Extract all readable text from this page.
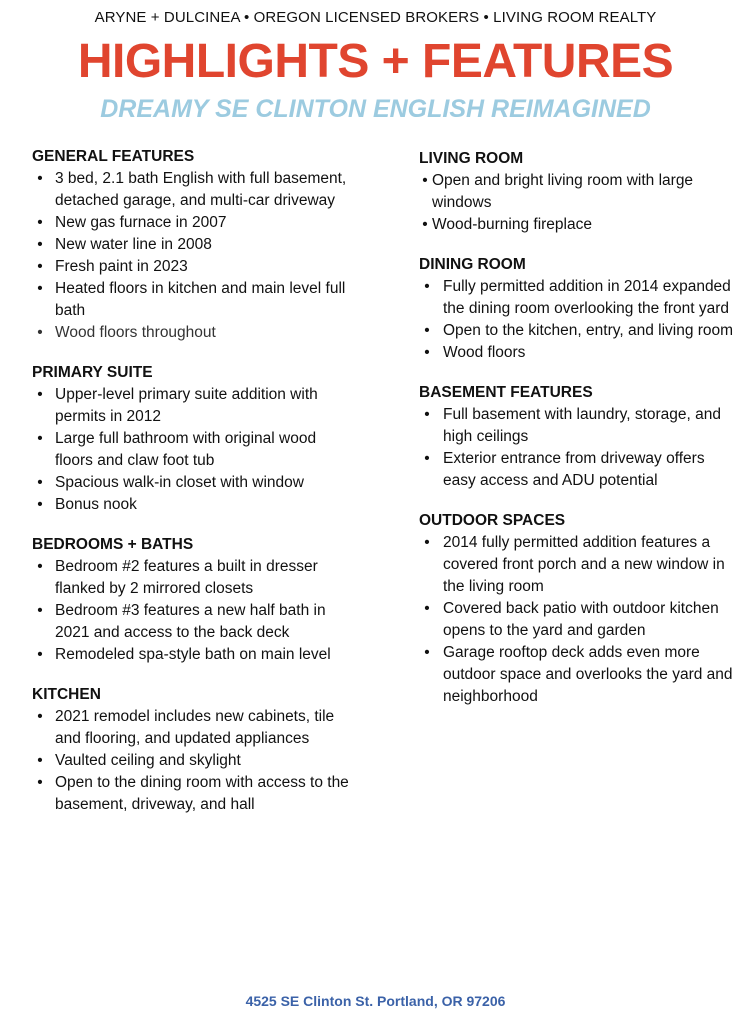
ARYNE + DULCINEA • OREGON LICENSED BROKERS • LIVING ROOM REALTY
HIGHLIGHTS + FEATURES
DREAMY SE CLINTON ENGLISH REIMAGINED
GENERAL FEATURES
• 3 bed, 2.1 bath English with full basement, detached garage, and multi-car driveway
• New gas furnace in 2007
• New water line in 2008
• Fresh paint in 2023
• Heated floors in kitchen and main level full bath
• Wood floors throughout
PRIMARY SUITE
• Upper-level primary suite addition with permits in 2012
• Large full bathroom with original wood floors and claw foot tub
• Spacious walk-in closet with window
• Bonus nook
BEDROOMS + BATHS
• Bedroom #2 features a built in dresser flanked by 2 mirrored closets
• Bedroom #3 features a new half bath in 2021 and access to the back deck
• Remodeled spa-style bath on main level
KITCHEN
• 2021 remodel includes new cabinets, tile and flooring, and updated appliances
• Vaulted ceiling and skylight
• Open to the dining room with access to the basement, driveway, and hall
LIVING ROOM
• Open and bright living room with large windows
• Wood-burning fireplace
DINING ROOM
• Fully permitted addition in 2014 expanded the dining room overlooking the front yard
• Open to the kitchen, entry, and living room
• Wood floors
BASEMENT FEATURES
• Full basement with laundry, storage, and high ceilings
• Exterior entrance from driveway offers easy access and ADU potential
OUTDOOR SPACES
• 2014 fully permitted addition features a covered front porch and a new window in the living room
• Covered back patio with outdoor kitchen opens to the yard and garden
• Garage rooftop deck adds even more outdoor space and overlooks the yard and neighborhood
4525 SE Clinton St. Portland, OR 97206
